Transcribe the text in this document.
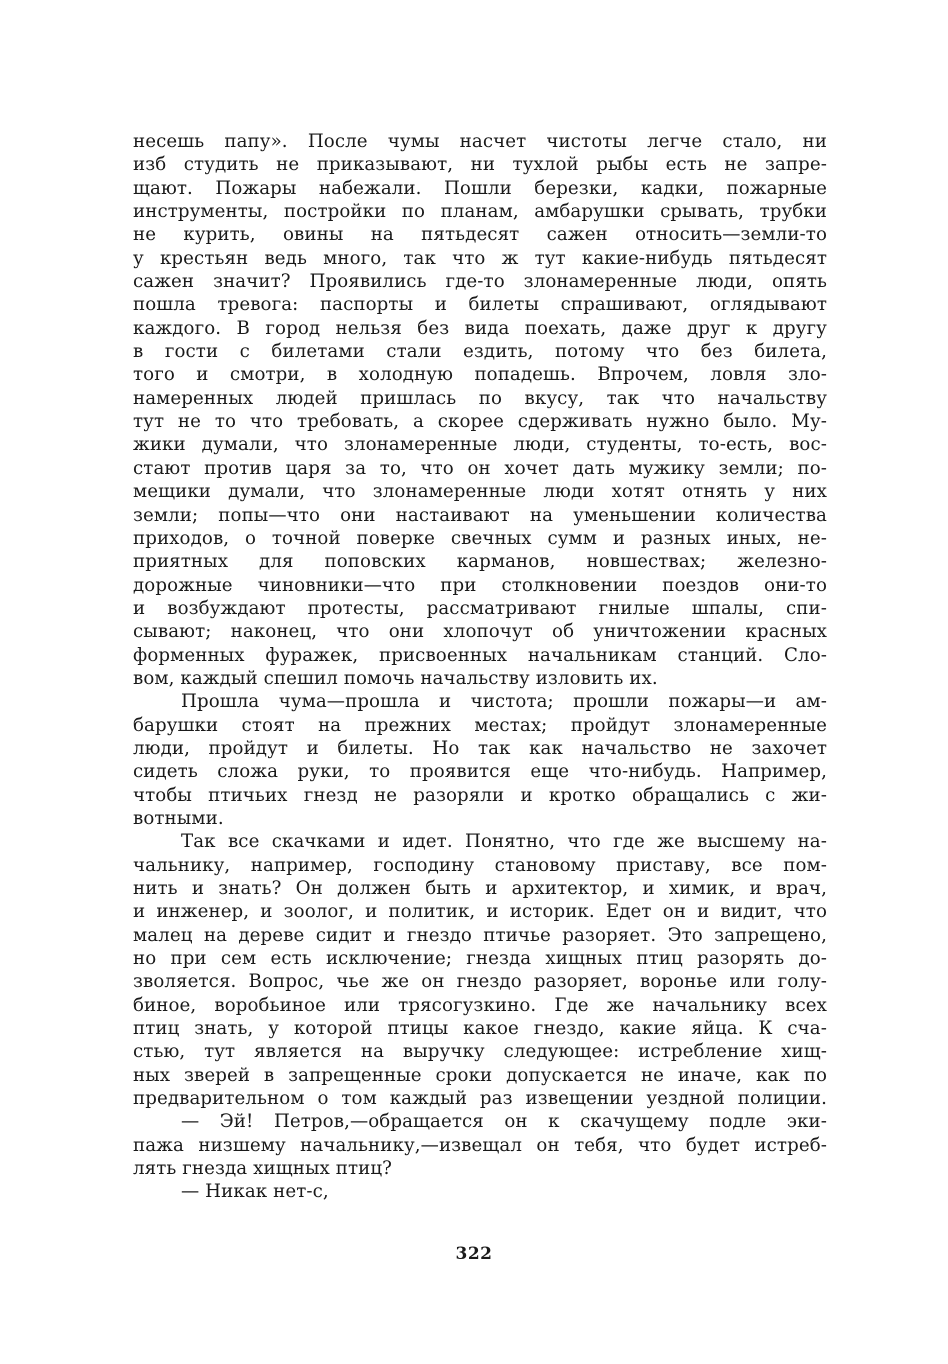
несешь папу». После чумы насчет чистоты легче стало, ни
изб студить не приказывают, ни тухлой рыбы есть не запре-
щают. Пожары набежали. Пошли березки, кадки, пожарные
инструменты, постройки по планам, амбарушки срывать, трубки
не курить, овины на пятьдесят сажен относить—земли-то
у крестьян ведь много, так что ж тут какие-нибудь пятьдесят
сажен значит? Проявились где-то злонамеренные люди, опять
пошла тревога: паспорты и билеты спрашивают, оглядывают
каждого. В город нельзя без вида поехать, даже друг к другу
в гости с билетами стали ездить, потому что без билета,
того и смотри, в холодную попадешь. Впрочем, ловля зло-
намеренных людей пришлась по вкусу, так что начальству
тут не то что требовать, а скорее сдерживать нужно было. Му-
жики думали, что злонамеренные люди, студенты, то-есть, вос-
стают против царя за то, что он хочет дать мужику земли; по-
мещики думали, что злонамеренные люди хотят отнять у них
земли; попы—что они настаивают на уменьшении количества
приходов, о точной поверке свечных сумм и разных иных, не-
приятных для поповских карманов, новшествах; железно-
дорожные чиновники—что при столкновении поездов они-то
и возбуждают протесты, рассматривают гнилые шпалы, спи-
сывают; наконец, что они хлопочут об уничтожении красных
форменных фуражек, присвоенных начальникам станций. Сло-
вом, каждый спешил помочь начальству изловить их.
Прошла чума—прошла и чистота; прошли пожары—и ам-
барушки стоят на прежних местах; пройдут злонамеренные
люди, пройдут и билеты. Но так как начальство не захочет
сидеть сложа руки, то проявится еще что-нибудь. Например,
чтобы птичьих гнезд не разоряли и кротко обращались с жи-
вотными.
Так все скачками и идет. Понятно, что где же высшему на-
чальнику, например, господину становому приставу, все пом-
нить и знать? Он должен быть и архитектор, и химик, и врач,
и инженер, и зоолог, и политик, и историк. Едет он и видит, что
малец на дереве сидит и гнездо птичье разоряет. Это запрещено,
но при сем есть исключение; гнезда хищных птиц разорять до-
зволяется. Вопрос, чье же он гнездо разоряет, воронье или голу-
биное, воробьиное или трясогузкино. Где же начальнику всех
птиц знать, у которой птицы какое гнездо, какие яйца. К сча-
стью, тут является на выручку следующее: истребление хищ-
ных зверей в запрещенные сроки допускается не иначе, как по
предварительном о том каждый раз извещении уездной полиции.
— Эй! Петров,—обращается он к скачущему подле эки-
пажа низшему начальнику,—извещал он тебя, что будет истреб-
лять гнезда хищных птиц?
— Никак нет-с,
322
